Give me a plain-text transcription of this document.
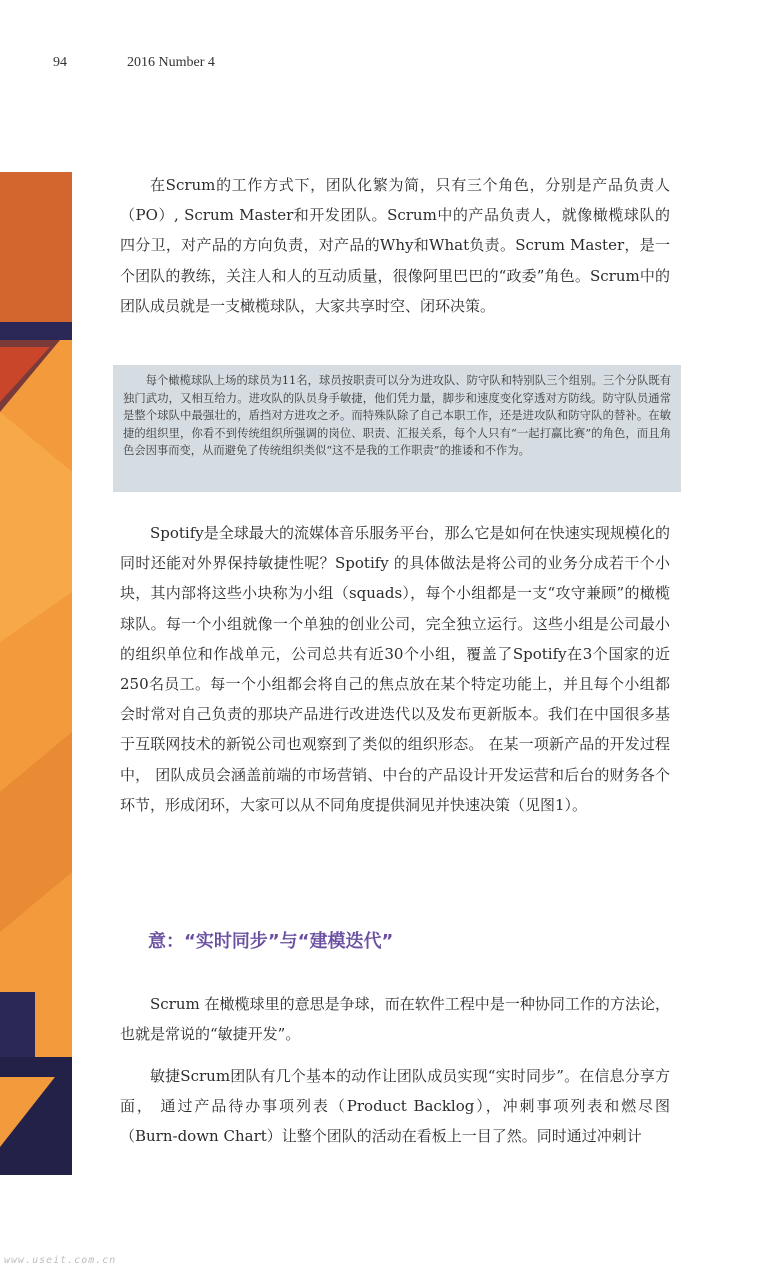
94	2016 Number 4

在Scrum的工作方式下，团队化繁为简，只有三个角色，分别是产品负责人（PO）, Scrum Master和开发团队。Scrum中的产品负责人，就像橄榄球队的四分卫，对产品的方向负责，对产品的Why和What负责。Scrum Master，是一个团队的教练，关注人和人的互动质量，很像阿里巴巴的“政委”角色。Scrum中的团队成员就是一支橄榄球队，大家共享时空、闭环决策。

每个橄榄球队上场的球员为11名，球员按职责可以分为进攻队、防守队和特别队三个组别。三个分队既有独门武功，又相互给力。进攻队的队员身手敏捷，他们凭力量，脚步和速度变化穿透对方防线。防守队员通常是整个球队中最强壮的，盾挡对方进攻之矛。而特殊队除了自己本职工作，还是进攻队和防守队的替补。在敏捷的组织里，你看不到传统组织所强调的岗位、职责、汇报关系，每个人只有“一起打赢比赛”的角色，而且角色会因事而变，从而避免了传统组织类似“这不是我的工作职责”的推诿和不作为。

Spotify是全球最大的流媒体音乐服务平台，那么它是如何在快速实现规模化的同时还能对外界保持敏捷性呢？Spotify 的具体做法是将公司的业务分成若干个小块，其内部将这些小块称为小组（squads），每个小组都是一支“攻守兼顾”的橄榄球队。每一个小组就像一个单独的创业公司，完全独立运行。这些小组是公司最小的组织单位和作战单元，公司总共有近30个小组，覆盖了Spotify在3个国家的近250名员工。每一个小组都会将自己的焦点放在某个特定功能上，并且每个小组都会时常对自己负责的那块产品进行改进迭代以及发布更新版本。我们在中国很多基于互联网技术的新锐公司也观察到了类似的组织形态。 在某一项新产品的开发过程中， 团队成员会涵盖前端的市场营销、中台的产品设计开发运营和后台的财务各个环节，形成闭环，大家可以从不同角度提供洞见并快速决策（见图1）。

意：“实时同步”与“建模迭代”

Scrum 在橄榄球里的意思是争球，而在软件工程中是一种协同工作的方法论，也就是常说的“敏捷开发”。

敏捷Scrum团队有几个基本的动作让团队成员实现“实时同步”。在信息分享方面， 通过产品待办事项列表（Product Backlog），冲刺事项列表和燃尽图（Burn-down Chart）让整个团队的活动在看板上一目了然。同时通过冲刺计

www.useit.com.cn
